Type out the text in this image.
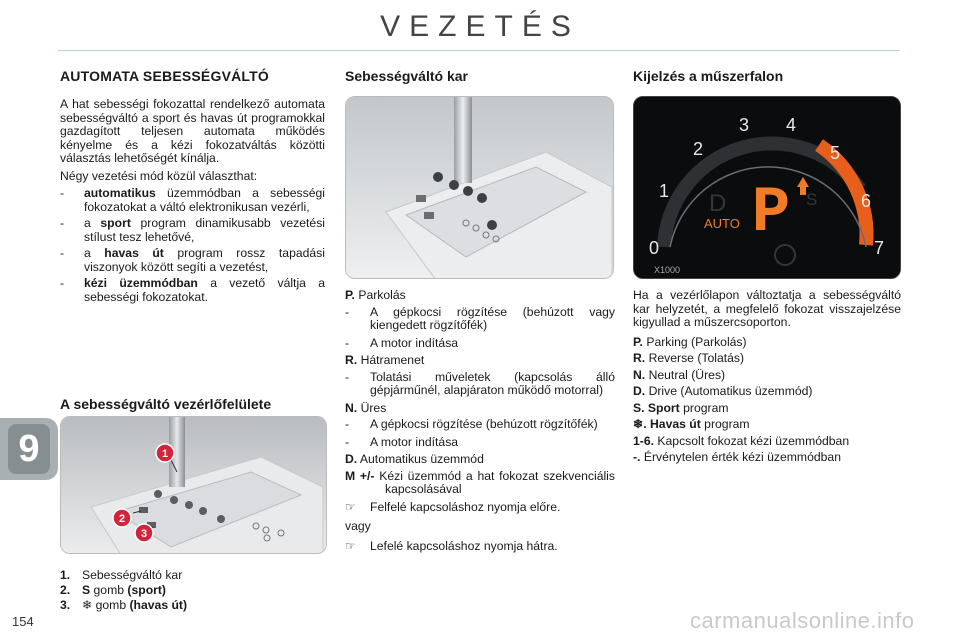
VEZETÉS
9
154	carmanualsonline.info
AUTOMATA SEBESSÉGVÁLTÓ

A hat sebességi fokozattal rendelkező automata sebességváltó a sport és havas út programokkal gazdagított teljesen automata működés kényelme és a kézi fokozatváltás közötti választás lehetőségét kínálja.

Négy vezetési mód közül választhat:

- automatikus üzemmódban a sebességi fokozatokat a váltó elektronikusan vezérli,
- a sport program dinamikusabb vezetési stílust tesz lehetővé,
- a havas út program rossz tapadási viszonyok között segíti a vezetést,
- kézi üzemmódban a vezető váltja a sebességi fokozatokat.
A sebességváltó vezérlőfelülete
1
2
3
1. Sebességváltó kar
2. S gomb (sport)
3. ❄ gomb (havas út)
Sebességváltó kar
P. Parkolás
- A gépkocsi rögzítése (behúzott vagy kiengedett rögzítőfék)
- A motor indítása
R. Hátramenet
- Tolatási műveletek (kapcsolás álló gépjárműnél, alapjáraton működő motorral)
N. Üres
- A gépkocsi rögzítése (behúzott rögzítőfék)
- A motor indítása
D. Automatikus üzemmód
M +/- Kézi üzemmód a hat fokozat szekvenciális kapcsolásával
☞ Felfelé kapcsoláshoz nyomja előre.
vagy
☞ Lefelé kapcsoláshoz nyomja hátra.
Kijelzés a műszerfalon
0
1
2
3 4
5
6
7
X1000
D
AUTO
S
P

Ha a vezérlőlapon változtatja a sebességváltó kar helyzetét, a megfelelő fokozat visszajelzése kigyullad a műszercsoporton.

P. Parking (Parkolás)
R. Reverse (Tolatás)
N. Neutral (Üres)
D. Drive (Automatikus üzemmód)
S. Sport program
❄. Havas út program
1-6. Kapcsolt fokozat kézi üzemmódban
-. Érvénytelen érték kézi üzemmódban
